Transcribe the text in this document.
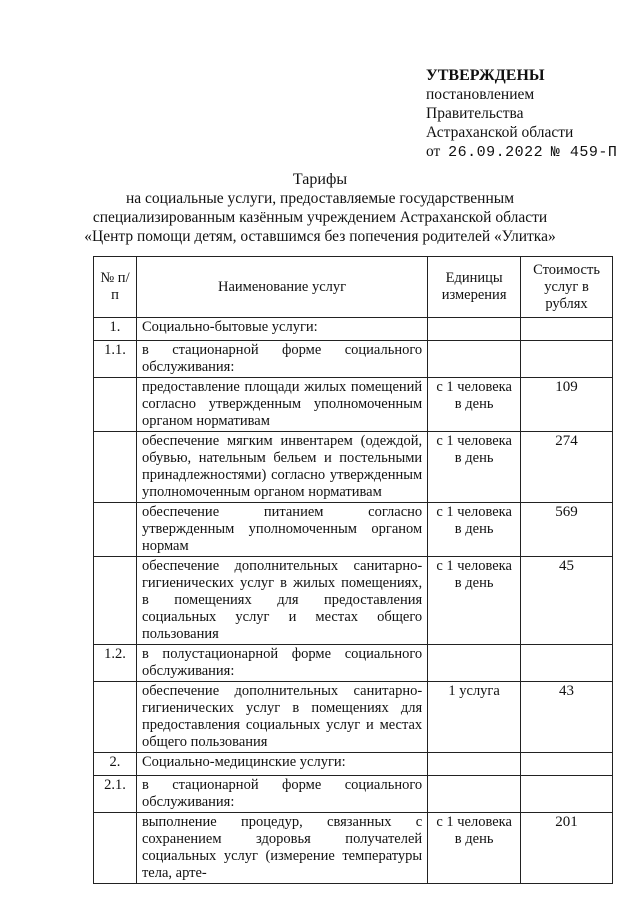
УТВЕРЖДЕНЫ
постановлением
Правительства
Астраханской области
от 26.09.2022 № 459-П
Тарифы
на социальные услуги, предоставляемые государственным
специализированным казённым учреждением Астраханской области
«Центр помощи детям, оставшимся без попечения родителей «Улитка»
№ п/п	Наименование услуг	Единицы измерения	Стоимость услуг в рублях
1.	Социально-бытовые услуги:		
1.1.	в стационарной форме социального обслуживания:		
	предоставление площади жилых помещений согласно утвержденным уполномоченным органом нормативам	с 1 человека в день	109
	обеспечение мягким инвентарем (одеждой, обувью, нательным бельем и постельными принадлежностями) согласно утвержденным уполномоченным органом нормативам	с 1 человека в день	274
	обеспечение питанием согласно утвержденным уполномоченным органом нормам	с 1 человека в день	569
	обеспечение дополнительных санитарно-гигиенических услуг в жилых помещениях, в помещениях для предоставления социальных услуг и местах общего пользования	с 1 человека в день	45
1.2.	в полустационарной форме социального обслуживания:		
	обеспечение дополнительных санитарно-гигиенических услуг в помещениях для предоставления социальных услуг и местах общего пользования	1 услуга	43
2.	Социально-медицинские услуги:		
2.1.	в стационарной форме социального обслуживания:		
	выполнение процедур, связанных с сохранением здоровья получателей социальных услуг (измерение температуры тела, арте-	с 1 человека в день	201
